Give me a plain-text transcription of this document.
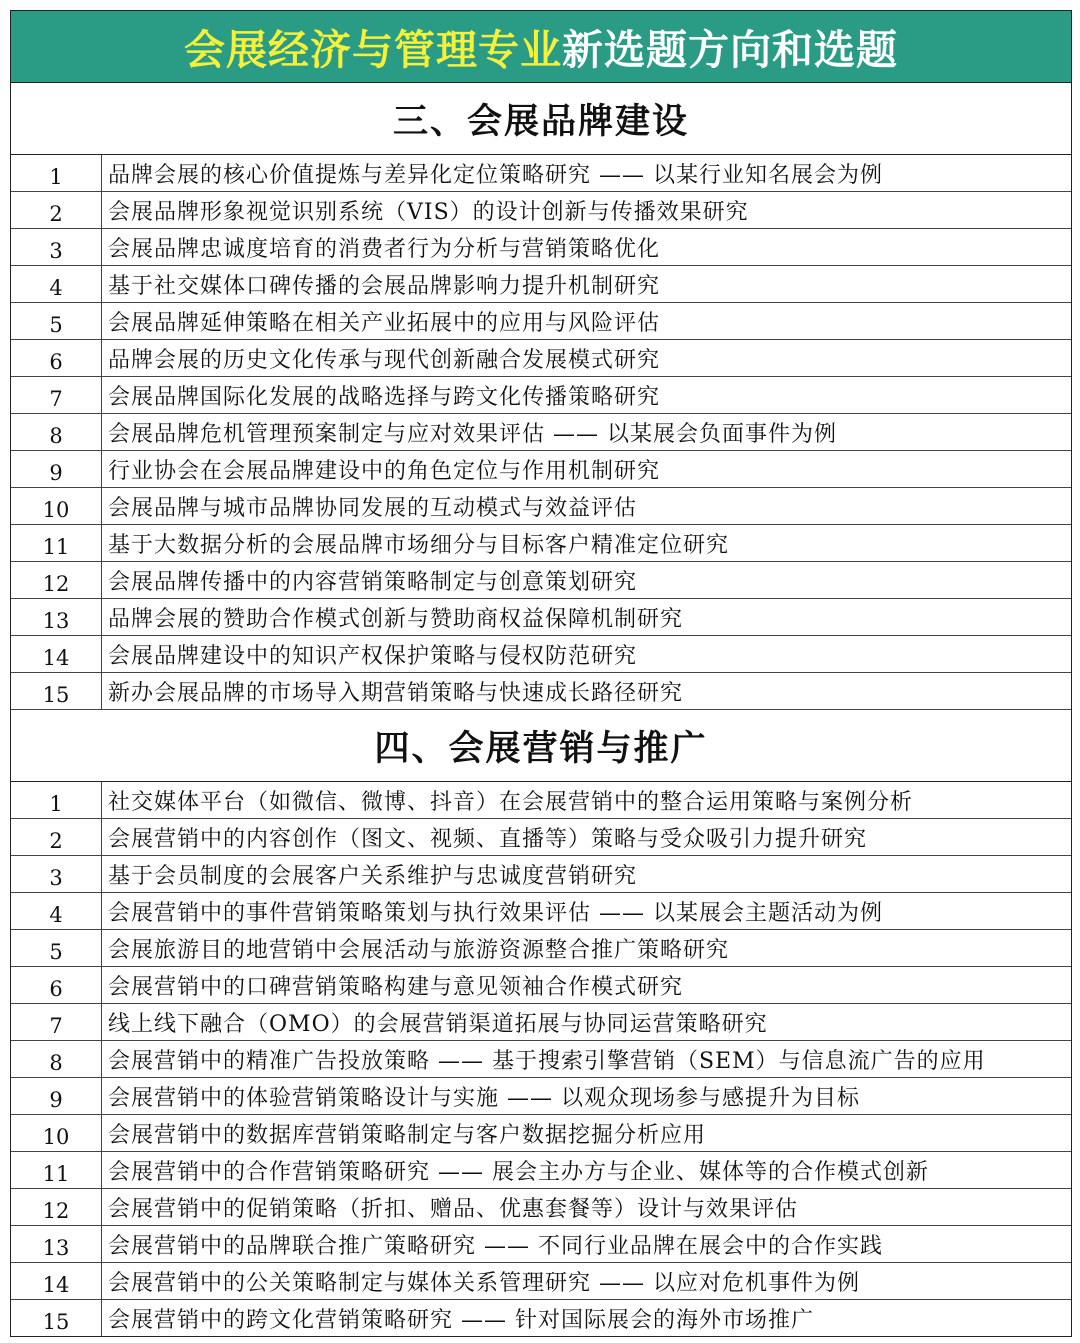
会展经济与管理专业 新选题方向和选题
三、会展品牌建设
1	品牌会展的核心价值提炼与差异化定位策略研究 —— 以某行业知名展会为例
2	会展品牌形象视觉识别系统（VIS）的设计创新与传播效果研究
3	会展品牌忠诚度培育的消费者行为分析与营销策略优化
4	基于社交媒体口碑传播的会展品牌影响力提升机制研究
5	会展品牌延伸策略在相关产业拓展中的应用与风险评估
6	品牌会展的历史文化传承与现代创新融合发展模式研究
7	会展品牌国际化发展的战略选择与跨文化传播策略研究
8	会展品牌危机管理预案制定与应对效果评估 —— 以某展会负面事件为例
9	行业协会在会展品牌建设中的角色定位与作用机制研究
10	会展品牌与城市品牌协同发展的互动模式与效益评估
11	基于大数据分析的会展品牌市场细分与目标客户精准定位研究
12	会展品牌传播中的内容营销策略制定与创意策划研究
13	品牌会展的赞助合作模式创新与赞助商权益保障机制研究
14	会展品牌建设中的知识产权保护策略与侵权防范研究
15	新办会展品牌的市场导入期营销策略与快速成长路径研究
四、会展营销与推广
1	社交媒体平台（如微信、微博、抖音）在会展营销中的整合运用策略与案例分析
2	会展营销中的内容创作（图文、视频、直播等）策略与受众吸引力提升研究
3	基于会员制度的会展客户关系维护与忠诚度营销研究
4	会展营销中的事件营销策略策划与执行效果评估 —— 以某展会主题活动为例
5	会展旅游目的地营销中会展活动与旅游资源整合推广策略研究
6	会展营销中的口碑营销策略构建与意见领袖合作模式研究
7	线上线下融合（OMO）的会展营销渠道拓展与协同运营策略研究
8	会展营销中的精准广告投放策略 —— 基于搜索引擎营销（SEM）与信息流广告的应用
9	会展营销中的体验营销策略设计与实施 —— 以观众现场参与感提升为目标
10	会展营销中的数据库营销策略制定与客户数据挖掘分析应用
11	会展营销中的合作营销策略研究 —— 展会主办方与企业、媒体等的合作模式创新
12	会展营销中的促销策略（折扣、赠品、优惠套餐等）设计与效果评估
13	会展营销中的品牌联合推广策略研究 —— 不同行业品牌在展会中的合作实践
14	会展营销中的公关策略制定与媒体关系管理研究 —— 以应对危机事件为例
15	会展营销中的跨文化营销策略研究 —— 针对国际展会的海外市场推广
